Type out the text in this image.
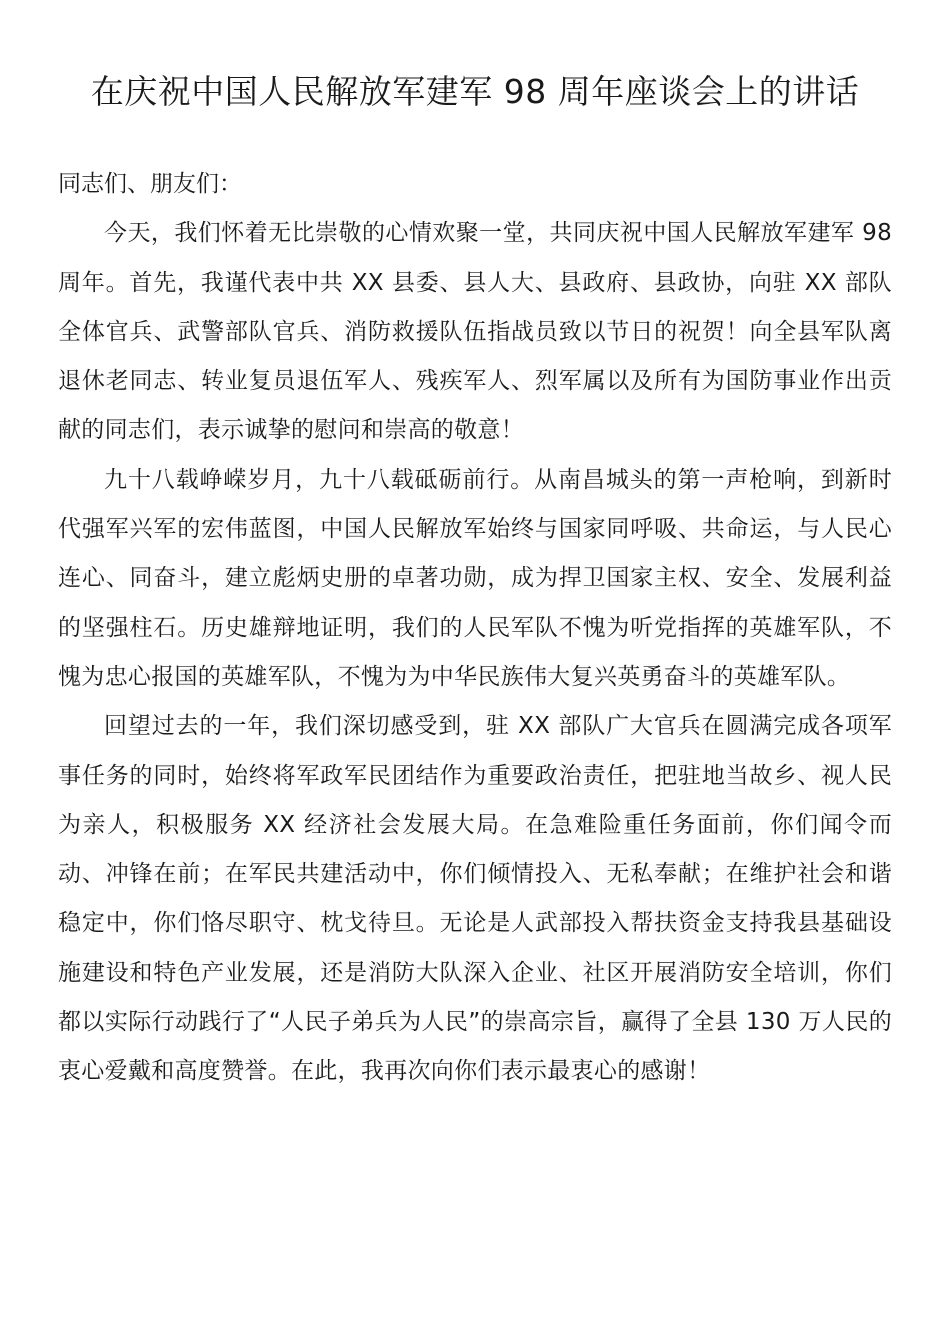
在庆祝中国人民解放军建军 98 周年座谈会上的讲话

同志们、朋友们：

今天，我们怀着无比崇敬的心情欢聚一堂，共同庆祝中国人民解放军建军 98 周年。首先，我谨代表中共 XX 县委、县人大、县政府、县政协，向驻 XX 部队全体官兵、武警部队官兵、消防救援队伍指战员致以节日的祝贺！向全县军队离退休老同志、转业复员退伍军人、残疾军人、烈军属以及所有为国防事业作出贡献的同志们，表示诚挚的慰问和崇高的敬意！

九十八载峥嵘岁月，九十八载砥砺前行。从南昌城头的第一声枪响，到新时代强军兴军的宏伟蓝图，中国人民解放军始终与国家同呼吸、共命运，与人民心连心、同奋斗，建立彪炳史册的卓著功勋，成为捍卫国家主权、安全、发展利益的坚强柱石。历史雄辩地证明，我们的人民军队不愧为听党指挥的英雄军队，不愧为忠心报国的英雄军队，不愧为为中华民族伟大复兴英勇奋斗的英雄军队。

回望过去的一年，我们深切感受到，驻 XX 部队广大官兵在圆满完成各项军事任务的同时，始终将军政军民团结作为重要政治责任，把驻地当故乡、视人民为亲人，积极服务 XX 经济社会发展大局。在急难险重任务面前，你们闻令而动、冲锋在前；在军民共建活动中，你们倾情投入、无私奉献；在维护社会和谐稳定中，你们恪尽职守、枕戈待旦。无论是人武部投入帮扶资金支持我县基础设施建设和特色产业发展，还是消防大队深入企业、社区开展消防安全培训，你们都以实际行动践行了“人民子弟兵为人民”的崇高宗旨，赢得了全县 130 万人民的衷心爱戴和高度赞誉。在此，我再次向你们表示最衷心的感谢！
